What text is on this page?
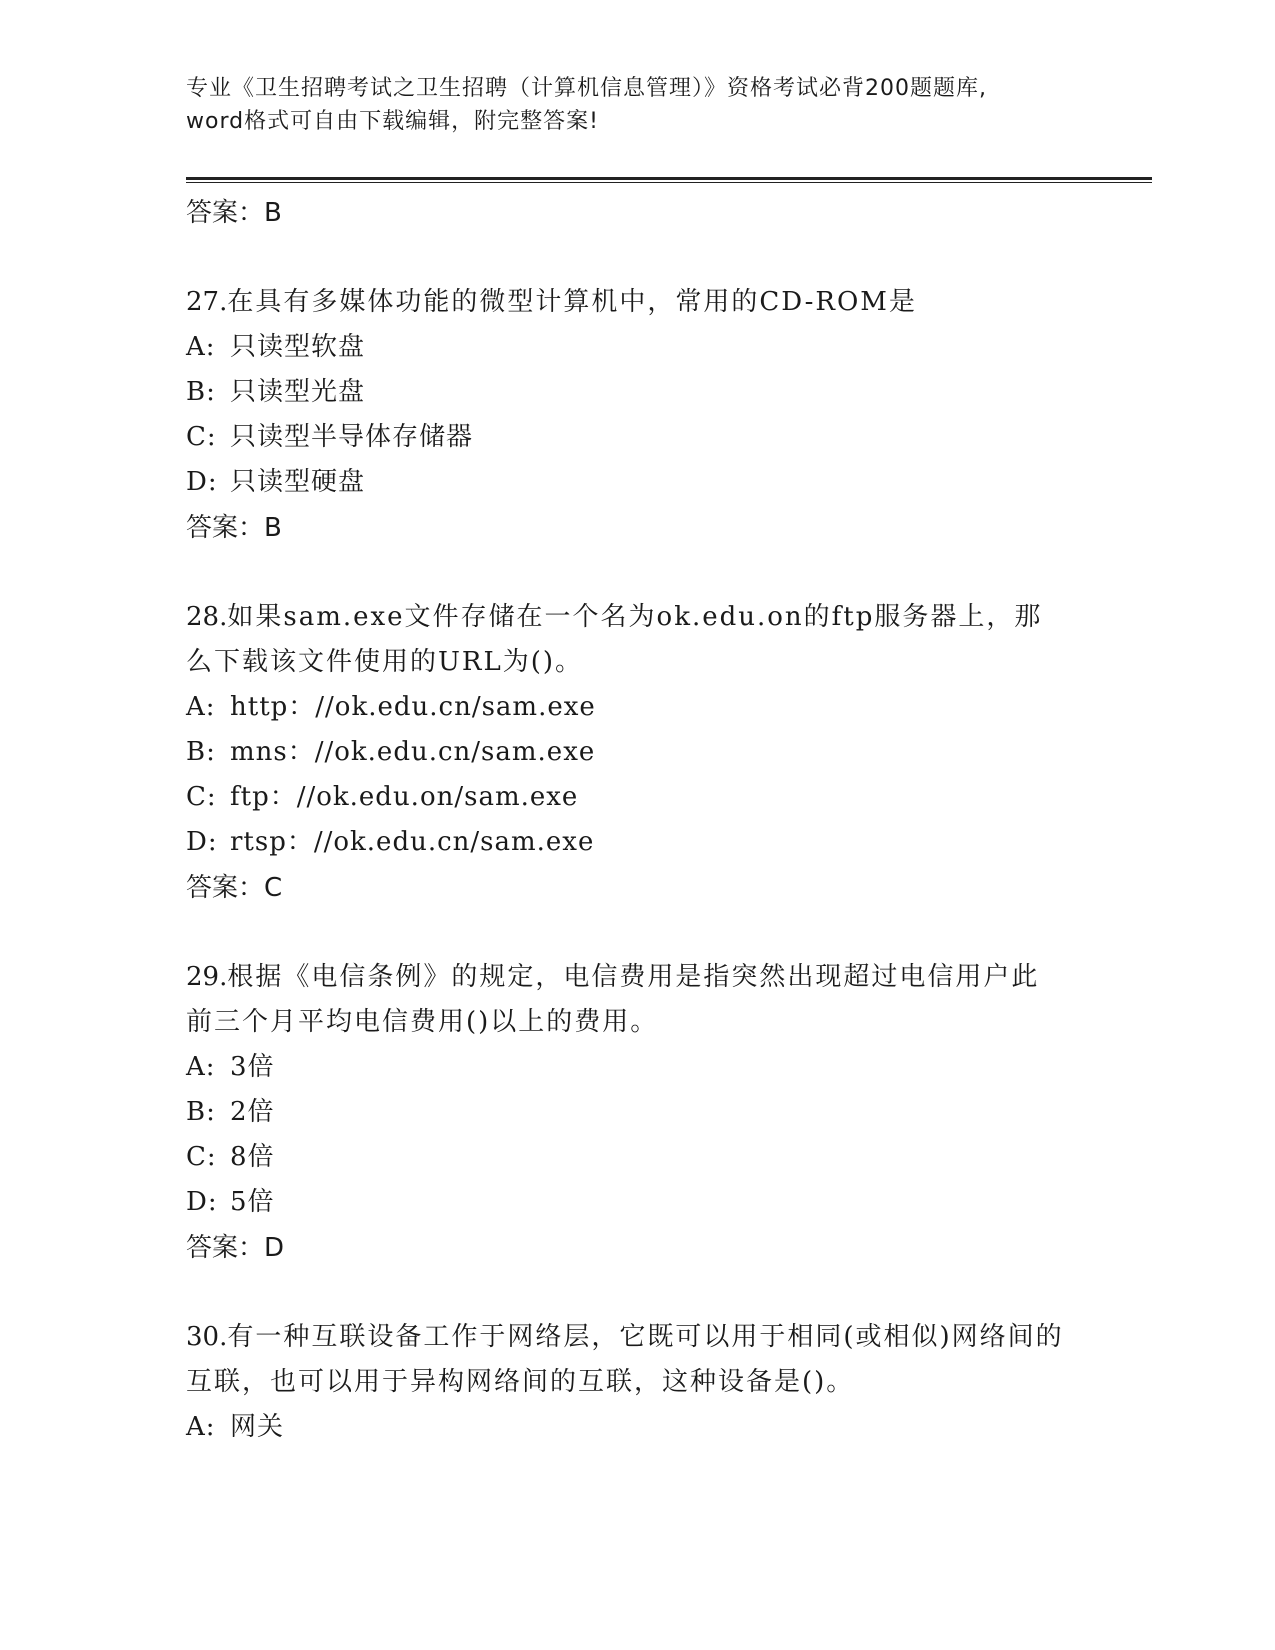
专业《卫生招聘考试之卫生招聘（计算机信息管理）》资格考试必背200题题库,
word格式可自由下载编辑，附完整答案!
答案：B
27.在具有多媒体功能的微型计算机中，常用的CD-ROM是
A: 只读型软盘
B: 只读型光盘
C: 只读型半导体存储器
D: 只读型硬盘
答案：B
28.如果sam.exe文件存储在一个名为ok.edu.on的ftp服务器上，那么下载该文件使用的URL为()。
A: http：//ok.edu.cn/sam.exe
B: mns：//ok.edu.cn/sam.exe
C: ftp：//ok.edu.on/sam.exe
D: rtsp：//ok.edu.cn/sam.exe
答案：C
29.根据《电信条例》的规定，电信费用是指突然出现超过电信用户此前三个月平均电信费用()以上的费用。
A: 3倍
B: 2倍
C: 8倍
D: 5倍
答案：D
30.有一种互联设备工作于网络层，它既可以用于相同(或相似)网络间的互联，也可以用于异构网络间的互联，这种设备是()。
A: 网关
